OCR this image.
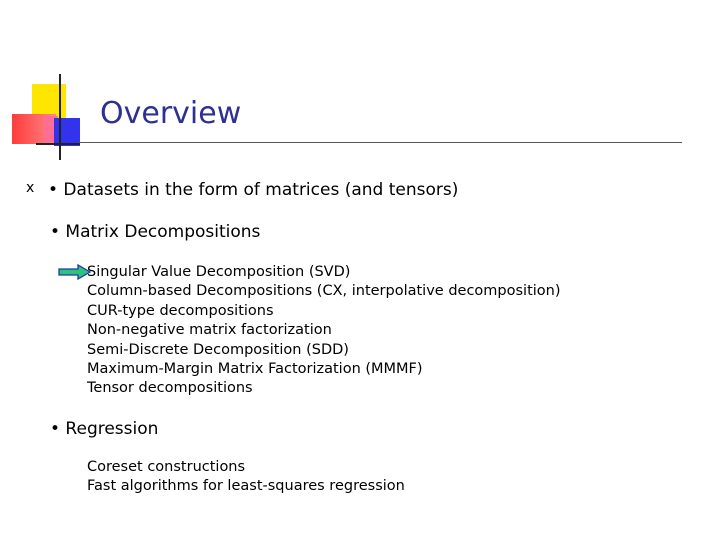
Overview
x • Datasets in the form of matrices (and tensors)
• Matrix Decompositions
Singular Value Decomposition (SVD)
Column-based Decompositions (CX, interpolative decomposition)
CUR-type decompositions
Non-negative matrix factorization
Semi-Discrete Decomposition (SDD)
Maximum-Margin Matrix Factorization (MMMF)
Tensor decompositions
• Regression
Coreset constructions
Fast algorithms for least-squares regression
